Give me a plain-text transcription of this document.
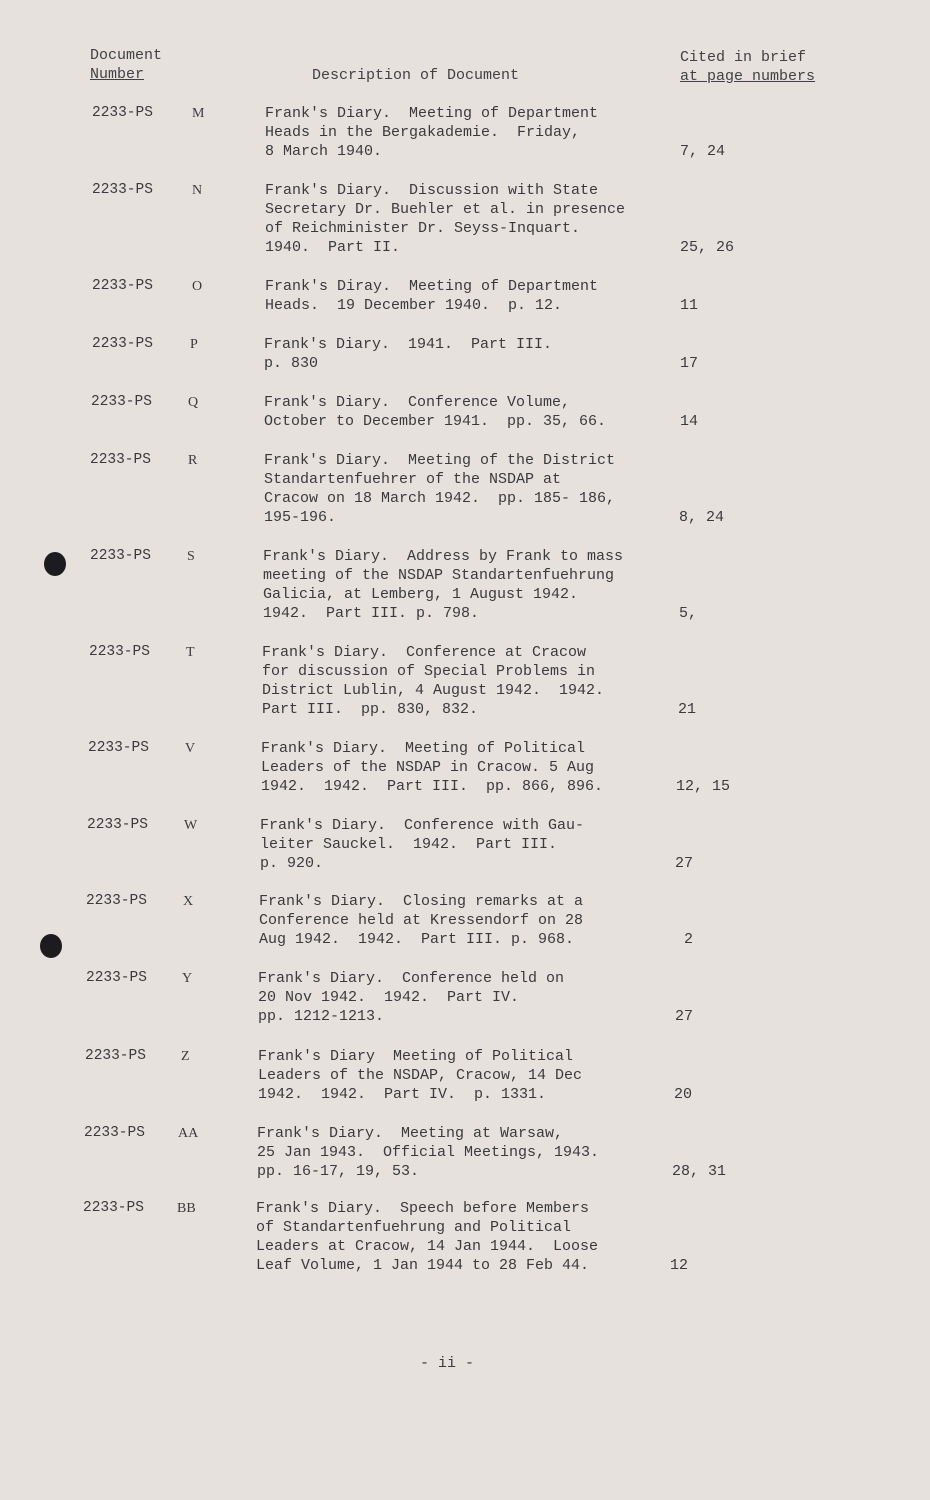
Document
Number	Description of Document
Cited in brief
at page numbers
2233-PS	M	Frank's Diary.  Meeting of Department
Heads in the Bergakademie.  Friday,
8 March 1940.	7, 24
2233-PS	N	Frank's Diary.  Discussion with State
Secretary Dr. Buehler et al. in presence
of Reichminister Dr. Seyss-Inquart.
1940.  Part II.	25, 26
2233-PS	O	Frank's Diray.  Meeting of Department
Heads.  19 December 1940.  p. 12.	11
2233-PS	P	Frank's Diary.  1941.  Part III.
p. 830	17
2233-PS	Q	Frank's Diary.  Conference Volume,
October to December 1941.  pp. 35, 66.	14
2233-PS	R	Frank's Diary.  Meeting of the District
Standartenfuehrer of the NSDAP at
Cracow on 18 March 1942.  pp. 185- 186,
195-196.	8, 24
2233-PS	S	Frank's Diary.  Address by Frank to mass
meeting of the NSDAP Standartenfuehrung
Galicia, at Lemberg, 1 August 1942.
1942.  Part III. p. 798.	5,
2233-PS	T	Frank's Diary.  Conference at Cracow
for discussion of Special Problems in
District Lublin, 4 August 1942.  1942.
Part III.  pp. 830, 832.	21
2233-PS	V	Frank's Diary.  Meeting of Political
Leaders of the NSDAP in Cracow. 5 Aug
1942.  1942.  Part III.  pp. 866, 896.	12, 15
2233-PS	W	Frank's Diary.  Conference with Gau-
leiter Sauckel.  1942.  Part III.
p. 920.	27
2233-PS	X	Frank's Diary.  Closing remarks at a
Conference held at Kressendorf on 28
Aug 1942.  1942.  Part III. p. 968.	2
2233-PS	Y	Frank's Diary.  Conference held on
20 Nov 1942.  1942.  Part IV.
pp. 1212-1213.	27
2233-PS	Z	Frank's Diary  Meeting of Political
Leaders of the NSDAP, Cracow, 14 Dec
1942.  1942.  Part IV.  p. 1331.	20
2233-PS AA	Frank's Diary.  Meeting at Warsaw,
25 Jan 1943.  Official Meetings, 1943.
pp. 16-17, 19, 53.	28, 31
2233-PS BB	Frank's Diary.  Speech before Members
of Standartenfuehrung and Political
Leaders at Cracow, 14 Jan 1944.  Loose
Leaf Volume, 1 Jan 1944 to 28 Feb 44.	12
- ii -
